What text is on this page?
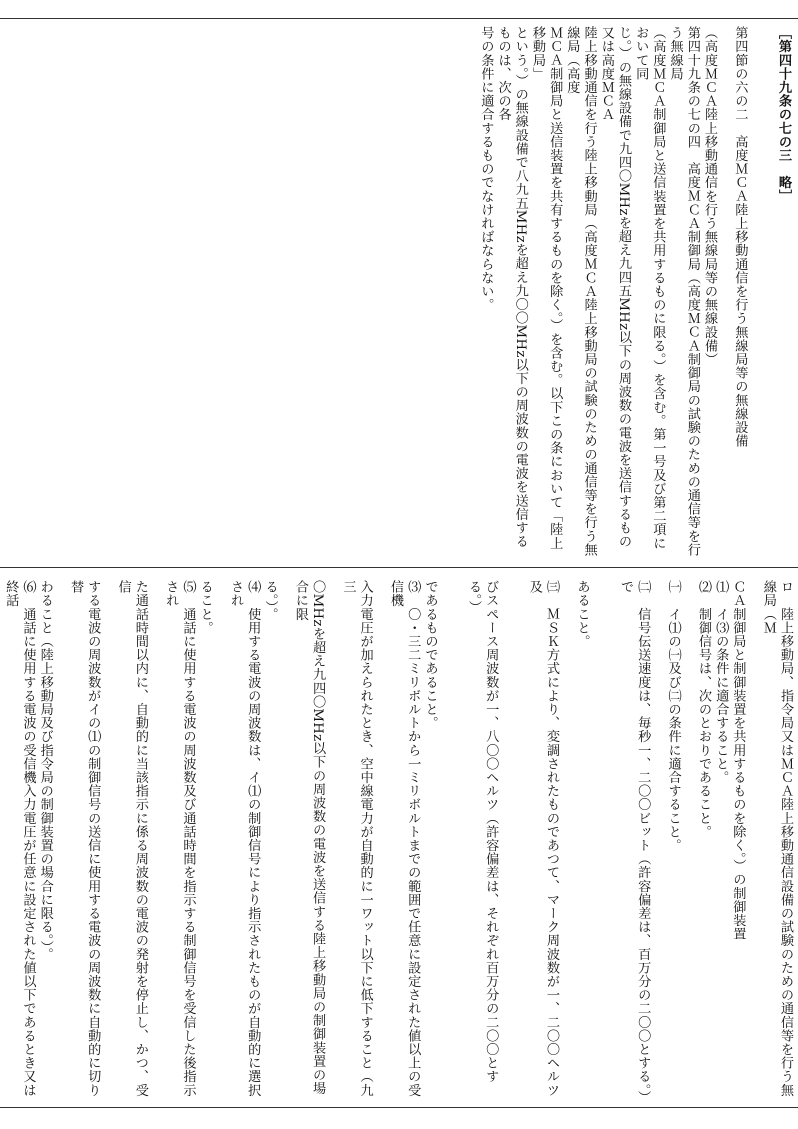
［第四十九条の七の三　略］
第四節の六の二　高度ＭＣＡ陸上移動通信を行う無線局等の無線設備
（高度ＭＣＡ陸上移動通信を行う無線局等の無線設備）
第四十九条の七の四　高度ＭＣＡ制御局（高度ＭＣＡ制御局の試験のための通信等を行う無線局
（高度ＭＣＡ制御局と送信装置を共用するものに限る。）を含む。第一号及び第二項において同
じ。）の無線設備で九四〇MHzを超え九四五MHz以下の周波数の電波を送信するもの又は高度ＭＣＡ
陸上移動通信を行う陸上移動局（高度ＭＣＡ陸上移動局の試験のための通信等を行う無線局（高度
ＭＣＡ制御局と送信装置を共有するものを除く。）を含む。以下この条において「陸上移動局」
という。）の無線設備で八九五MHzを超え九〇〇MHz以下の周波数の電波を送信するものは、次の各
号の条件に適合するものでなければならない。
ロ　陸上移動局、指令局又はＭＣＡ陸上移動通信設備の試験のための通信等を行う無線局（Ｍ
ＣＡ制御局と制御装置を共用するものを除く。）の制御装置
⑴　イ⑶の条件に適合すること。
⑵　制御信号は、次のとおりであること。
㈠　イ⑴の㈠及び㈡の条件に適合すること。
㈡　信号伝送速度は、毎秒一、二〇〇ビット（許容偏差は、百万分の二〇〇とする。）で
あること。
㈢　ＭＳＫ方式により、変調されたものであつて、マーク周波数が一、二〇〇ヘルツ及
びスペース周波数が一、八〇〇ヘルツ（許容偏差は、それぞれ百万分の二〇〇とする。）
であるものであること。
⑶　〇・三二ミリボルトから一ミリボルトまでの範囲で任意に設定された値以上の受信機
入力電圧が加えられたとき、空中線電力が自動的に一ワット以下に低下すること（九三
〇MHzを超え九四〇MHz以下の周波数の電波を送信する陸上移動局の制御装置の場合に限
る。）。
⑷　使用する電波の周波数は、イ⑴の制御信号により指示されたものが自動的に選択され
ること。
⑸　通話に使用する電波の周波数及び通話時間を指示する制御信号を受信した後指示され
た通話時間以内に、自動的に当該指示に係る周波数の電波の発射を停止し、かつ、受信
する電波の周波数がイの⑴の制御信号の送信に使用する電波の周波数に自動的に切り替
わること（陸上移動局及び指令局の制御装置の場合に限る。）。
⑹　通話に使用する電波の受信機入力電圧が任意に設定された値以下であるとき又は終話
